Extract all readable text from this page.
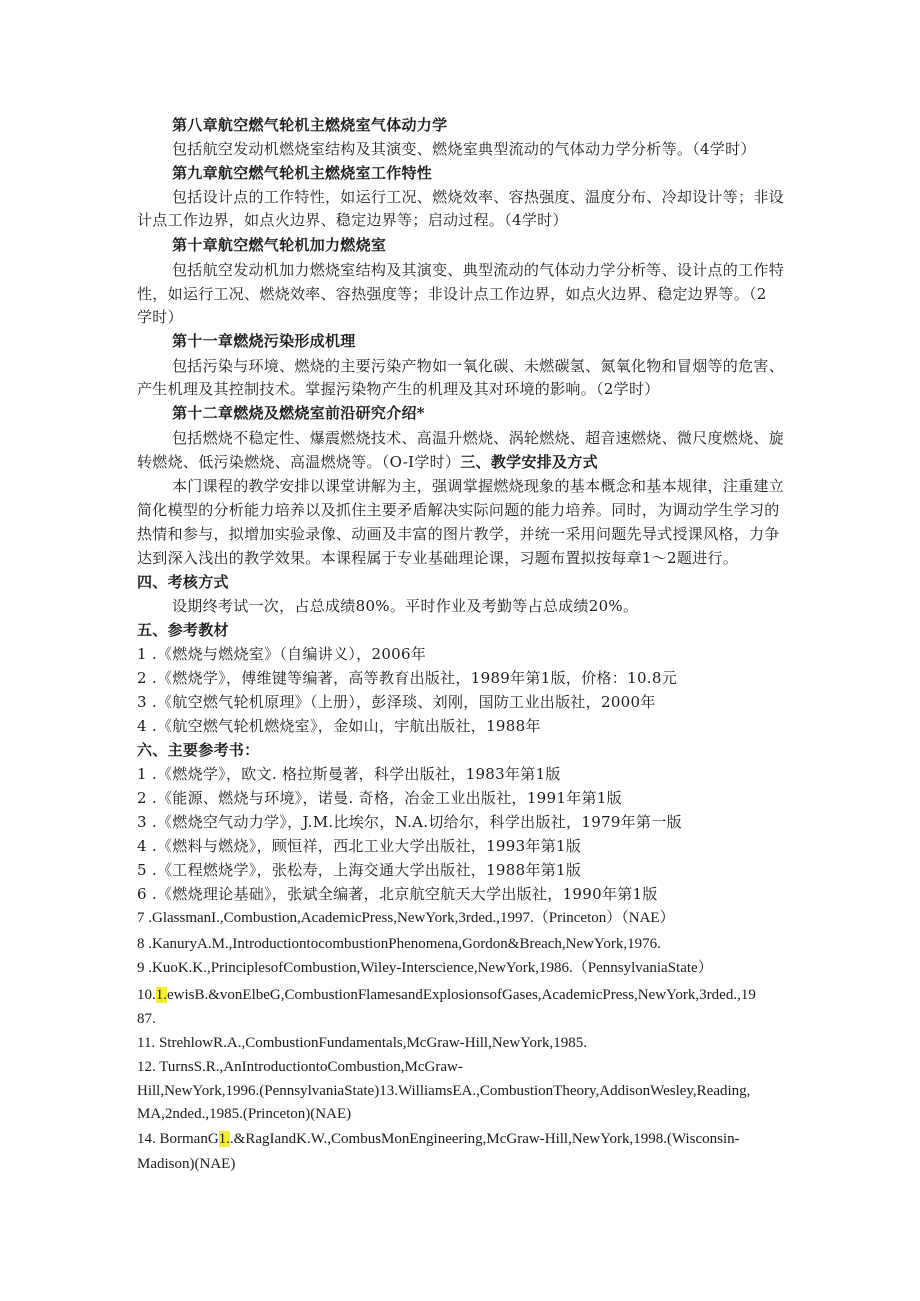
第八章航空燃气轮机主燃烧室气体动力学
包括航空发动机燃烧室结构及其演变、燃烧室典型流动的气体动力学分析等。（4学时）
第九章航空燃气轮机主燃烧室工作特性
包括设计点的工作特性，如运行工况、燃烧效率、容热强度、温度分布、冷却设计等；非设
计点工作边界，如点火边界、稳定边界等；启动过程。（4学时）
第十章航空燃气轮机加力燃烧室
包括航空发动机加力燃烧室结构及其演变、典型流动的气体动力学分析等、设计点的工作特
性，如运行工况、燃烧效率、容热强度等；非设计点工作边界，如点火边界、稳定边界等。（2
学时）
第十一章燃烧污染形成机理
包括污染与环境、燃烧的主要污染产物如一氧化碳、未燃碳氢、氮氧化物和冒烟等的危害、
产生机理及其控制技术。掌握污染物产生的机理及其对环境的影响。（2学时）
第十二章燃烧及燃烧室前沿研究介绍*
包括燃烧不稳定性、爆震燃烧技术、高温升燃烧、涡轮燃烧、超音速燃烧、微尺度燃烧、旋
转燃烧、低污染燃烧、高温燃烧等。（O-I学时）三、教学安排及方式
本门课程的教学安排以课堂讲解为主，强调掌握燃烧现象的基本概念和基本规律，注重建立
简化模型的分析能力培养以及抓住主要矛盾解决实际问题的能力培养。同时，为调动学生学习的
热情和参与，拟增加实验录像、动画及丰富的图片教学，并统一采用问题先导式授课风格，力争
达到深入浅出的教学效果。本课程属于专业基础理论课，习题布置拟按每章1～2题进行。
四、考核方式
设期终考试一次，占总成绩80%。平时作业及考勤等占总成绩20%。
五、参考教材
1 .《燃烧与燃烧室》（自编讲义），2006年
2 .《燃烧学》，傅维键等编著，高等教育出版社，1989年第1版，价格：10.8元
3 .《航空燃气轮机原理》（上册），彭泽琰、刘刚，国防工业出版社，2000年
4 .《航空燃气轮机燃烧室》，金如山，宇航出版社，1988年
六、主要参考书：
1 .《燃烧学》，欧文. 格拉斯曼著，科学出版社，1983年第1版
2 .《能源、燃烧与环境》，诺曼. 奇格，冶金工业出版社，1991年第1版
3 .《燃烧空气动力学》，J.M.比埃尔，N.A.切给尔，科学出版社，1979年第一版
4 .《燃料与燃烧》，顾恒祥，西北工业大学出版社，1993年第1版
5 .《工程燃烧学》，张松寿，上海交通大学出版社，1988年第1版
6 .《燃烧理论基础》，张斌全编著，北京航空航天大学出版社，1990年第1版
7 .GlassmanI.,Combustion,AcademicPress,NewYork,3rded.,1997.（Princeton）（NAE）
8 .KanuryA.M.,IntroductiontocombustionPhenomena,Gordon&Breach,NewYork,1976.
9 .KuoK.K.,PrinciplesofCombustion,Wiley-Interscience,NewYork,1986.（PennsylvaniaState）
10.1.ewisB.&vonElbeG,CombustionFlamesandExplosionsofGases,AcademicPress,NewYork,3rded.,19
87.
11. StrehlowR.A.,CombustionFundamentals,McGraw-Hill,NewYork,1985.
12. TurnsS.R.,AnIntroductiontoCombustion,McGraw-
Hill,NewYork,1996.(PennsylvaniaState)13.WilliamsEA.,CombustionTheory,AddisonWesley,Reading,
MA,2nded.,1985.(Princeton)(NAE)
14. BormanG1..&RagIandK.W.,CombusMonEngineering,McGraw-Hill,NewYork,1998.(Wisconsin-
Madison)(NAE)
